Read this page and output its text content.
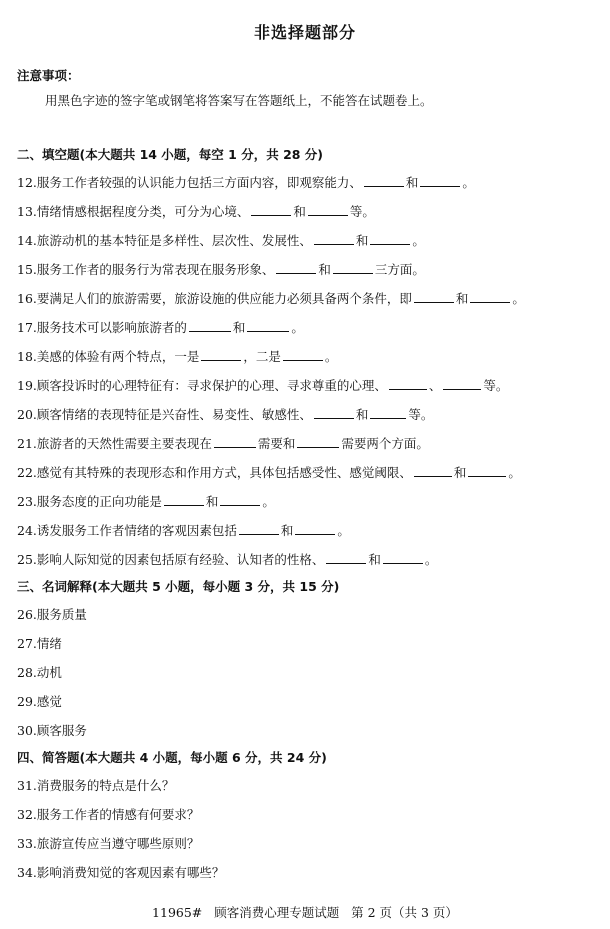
非选择题部分
注意事项：
用黑色字迹的签字笔或钢笔将答案写在答题纸上，不能答在试题卷上。
二、填空题(本大题共 14 小题，每空 1 分，共 28 分)
12.服务工作者较强的认识能力包括三方面内容，即观察能力、	和	。
13.情绪情感根据程度分类，可分为心境、	和	等。
14.旅游动机的基本特征是多样性、层次性、发展性、	和	。
15.服务工作者的服务行为常表现在服务形象、	和	三方面。
16.要满足人们的旅游需要，旅游设施的供应能力必须具备两个条件，即	和	。
17.服务技术可以影响旅游者的	和	。
18.美感的体验有两个特点，一是	，二是	。
19.顾客投诉时的心理特征有：寻求保护的心理、寻求尊重的心理、	、	等。
20.顾客情绪的表现特征是兴奋性、易变性、敏感性、	和	等。
21.旅游者的天然性需要主要表现在	需要和	需要两个方面。
22.感觉有其特殊的表现形态和作用方式，具体包括感受性、感觉阈限、	和	。
23.服务态度的正向功能是	和	。
24.诱发服务工作者情绪的客观因素包括	和	。
25.影响人际知觉的因素包括原有经验、认知者的性格、	和	。
三、名词解释(本大题共 5 小题，每小题 3 分，共 15 分)
26.服务质量
27.情绪
28.动机
29.感觉
30.顾客服务
四、简答题(本大题共 4 小题，每小题 6 分，共 24 分)
31.消费服务的特点是什么？
32.服务工作者的情感有何要求？
33.旅游宣传应当遵守哪些原则？
34.影响消费知觉的客观因素有哪些？
11965#   顾客消费心理专题试题   第 2 页（共 3 页）
